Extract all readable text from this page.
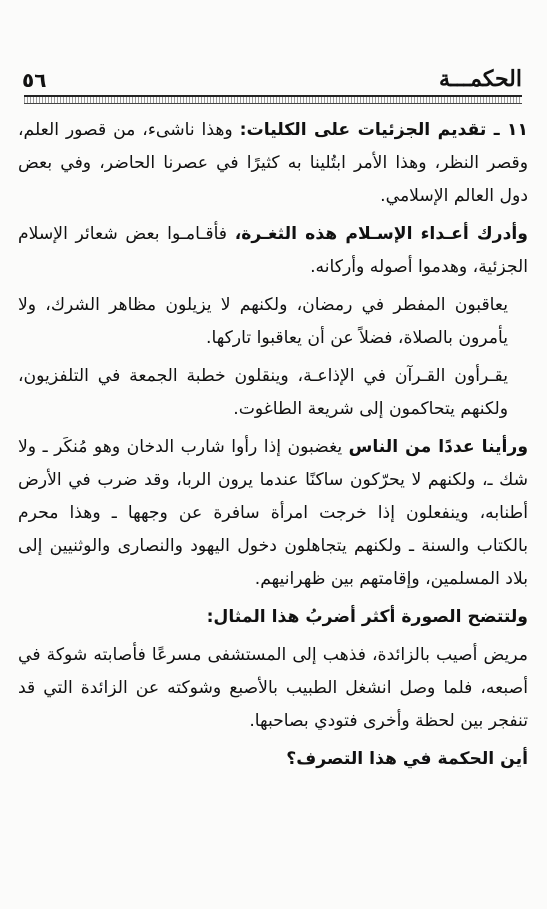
٥٦	الحكمـــة

١١ ـ تقديم الجزئيات على الكليات: وهذا ناشىء، من قصور العلم، وقصر النظر، وهذا الأمر ابتُلينا به كثيرًا في عصرنا الحاضر، وفي بعض دول العالم الإسلامي.

وأدرك أعـداء الإسـلام هذه الثغـرة، فأقـامـوا بعض شعائر الإسلام الجزئية، وهدموا أصوله وأركانه.

يعاقبون المفطر في رمضان، ولكنهم لا يزيلون مظاهر الشرك، ولا يأمرون بالصلاة، فضلاً عن أن يعاقبوا تاركها.

يقـرأون القـرآن في الإذاعـة، وينقلون خطبة الجمعة في التلفزيون، ولكنهم يتحاكمون إلى شريعة الطاغوت.

ورأينا عددًا من الناس يغضبون إذا رأوا شارب الدخان وهو مُنكَر ـ ولا شك ـ، ولكنهم لا يحرّكون ساكنًا عندما يرون الربا، وقد ضرب في الأرض أطنابه، وينفعلون إذا خرجت امرأة سافرة عن وجهها ـ وهذا محرم بالكتاب والسنة ـ ولكنهم يتجاهلون دخول اليهود والنصارى والوثنيين إلى بلاد المسلمين، وإقامتهم بين ظهرانيهم.

ولتتضح الصورة أكثر أضربُ هذا المثال:

مريض أصيب بالزائدة، فذهب إلى المستشفى مسرعًا فأصابته شوكة في أصبعه، فلما وصل انشغل الطبيب بالأصبع وشوكته عن الزائدة التي قد تنفجر بين لحظة وأخرى فتودي بصاحبها.

أين الحكمة في هذا التصرف؟
